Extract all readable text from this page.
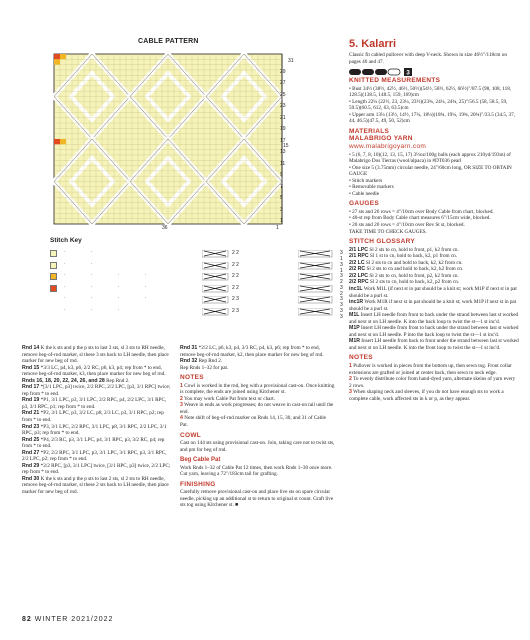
CABLE PATTERN
31
29
27
25
23
21
19
17
13
11
9
7
5
3
1
15
36	1
Stitch Key
· ·	2 2	3 1
· ·	2 2	3 1
· · · ·	2 2	3 2
· · · ·	2 2	3 2
· · · ·	2 3	3 3
· · ·	2 3	3 3

Rnd 14 K the k sts and p the p sts to last 3 sts, sl 3 sts to RH needle, remove beg-of-rnd marker, sl these 3 sts back to LH needle, then place marker for new beg of rnd.

Rnd 15 *3/3 LC, p4, k3, p6, 2/2 RC, p6, k3, p4; rep from * to end, remove beg-of-rnd marker, k3, then place marker for new beg of rnd.

Rnds 16, 18, 20, 22, 24, 26, and 28 Rep Rnd 2.

Rnd 17 *[3/1 LPC, p3] twice, 2/2 RPC, 2/2 LPC, [p3, 3/1 RPC] twice; rep from * to end.

Rnd 19 *P1, 3/1 LPC, p3, 3/1 LPC, 2/2 RPC, p4, 2/2 LPC, 3/1 RPC, p3, 3/1 RPC, p1; rep from * to end.

Rnd 21 *P2, 3/1 LPC, p3, 3/2 LC, p8, 2/3 LC, p3, 3/1 RPC, p2; rep from * to end.

Rnd 23 *P3, 3/1 LPC, 2/2 RPC, 3/1 LPC, p8, 3/1 RPC, 2/2 LPC, 3/1 RPC, p3; rep from * to end.

Rnd 25 *P4, 2/3 RC, p3, 3/1 LPC, p4, 3/1 RPC, p3, 3/2 RC, p4; rep from * to end.

Rnd 27 *P2, 2/2 RPC, 3/1 LPC, p3, 3/1 LPC, 3/1 RPC, p3, 3/1 RPC, 2/2 LPC, p2; rep from * to end.

Rnd 29 *2/2 RPC, [p3, 3/1 LPC] twice, [3/1 RPC, p3] twice, 2/2 LPC; rep from * to end.

Rnd 30 K the k sts and p the p sts to last 2 sts, sl 2 sts to RH needle, remove beg-of-rnd marker, sl these 2 sts back to LH needle, then place marker for new beg of rnd.

Rnd 31 *2/2 LC, p6, k3, p4, 3/3 RC, p4, k3, p6; rep from * to end, remove beg-of-rnd marker, k2, then place marker for new beg of rnd.

Rnd 32 Rep Rnd 2.

Rep Rnds 1–32 for pat.

NOTES

1 Cowl is worked in the rnd, beg with a provisional cast-on. Once knitting is complete, the ends are joined using Kitchener st.

2 You may work Cable Pat from text or chart.

3 Weave in ends as work progresses; do not weave in cast-on tail until the end.

4 Note shift of beg-of-rnd marker on Rnds 14, 15, 30, and 31 of Cable Pat.

COWL

Cast on 144 sts using provisional cast-on. Join, taking care not to twist sts, and pm for beg of rnd.

Beg Cable Pat

Work Rnds 1–32 of Cable Pat 12 times, then work Rnds 1–30 once more.

Cut yarn, leaving a 72"/183cm tail for grafting.

FINISHING

Carefully remove provisional cast-on and place live sts on spare circular needle, picking up an additional st to return to original st count. Graft live sts tog using Kitchener st. ■

5. Kalarri

Classic fit cabled pullover with deep V-neck. Shown in size 46½"/118cm on pages 46 and 47.

3
KNITTED MEASUREMENTS

• Bust 34½ (38½, 42½, 46½, 50½)(54½, 58½, 62½, 66½)"/87.5 (98, 108, 118, 128.5)(138.5, 148.5, 159, 169)cm

• Length 22¼ (22½, 23, 23¼, 23½)(23¾, 24¼, 24¾, 25)"/56.5 (58, 58.5, 59, 59.5)(60.5, 612, 63, 63.5)cm

• Upper arm 13¼ (13½, 14½, 17¼, 18¼)(18¾, 19¼, 19¾, 20¾)"/33.5 (34.5, 37, 44, 46.5)(47.5, 49, 50, 52)cm

MATERIALS
MALABRIGO YARN
www.malabrigoyarn.com

• 5 (6, 7, 8, 10)(12, 13, 15, 17) 3½oz/100g balls (each approx 210yd/193m) of Malabrigo Dos Tierras (wool/alpaca) in #DT036 pearl

• One size 5 (3.75mm) circular needle, 24"/60cm long, OR SIZE TO OBTAIN GAUGE

• Stitch markers

• Removable markers

• Cable needle

GAUGES

• 27 sts and 26 rows = 4"/10cm over Body Cable from chart, blocked.

• 40-st rep from Body Cable chart measures 6"/15cm wide, blocked.

• 20 sts and 26 rows = 4"/10cm over Rev St st, blocked.

TAKE TIME TO CHECK GAUGES.

STITCH GLOSSARY

2/1 LPC Sl 2 sts to cn, hold to front, p1, k2 from cn.

2/1 RPC Sl 1 st to cn, hold to back, k2, p1 from cn.

2/2 LC Sl 2 sts to cn and hold to back, k2, k2 from cn.

2/2 RC Sl 2 sts to cn and hold to back, k2, k2 from cn.

2/2 LPC Sl 2 sts to cn, hold to front, p2, k2 from cn.

2/2 RPC Sl 2 sts to cn, hold to back, k2, p2 from cn.

inc1L Work M1L (if next st in pat should be a knit st; work M1P if next st in pat should be a purl st.

inc1R Work M1R if next st in pat should be a knit st; work M1P if next st in pat should be a purl st.

M1L Insert LH needle from front to back under the strand between last st worked and next st on LH needle. K into the back loop to twist the st—1 st inc'd.

M1P Insert LH needle from front to back under the strand between last st worked and next st on LH needle. P into the back loop to twist the st—1 st inc'd.

M1R Insert LH needle from back to front under the strand between last st worked and next st on LH needle. K into the front loop to twist the st—1 st inc'd.

NOTES

1 Pullover is worked in pieces from the bottom up, then sewn tog. Front collar extensions are grafted or joined at center back, then sewn to neck edge.

2 To evenly distribute color from hand-dyed yarn, alternate skeins of yarn every 2 rows.

3 When shaping neck and sleeves, if you do not have enough sts to work a complete cable, work affected sts in k or p, as they appear.

82 WINTER 2021/2022
